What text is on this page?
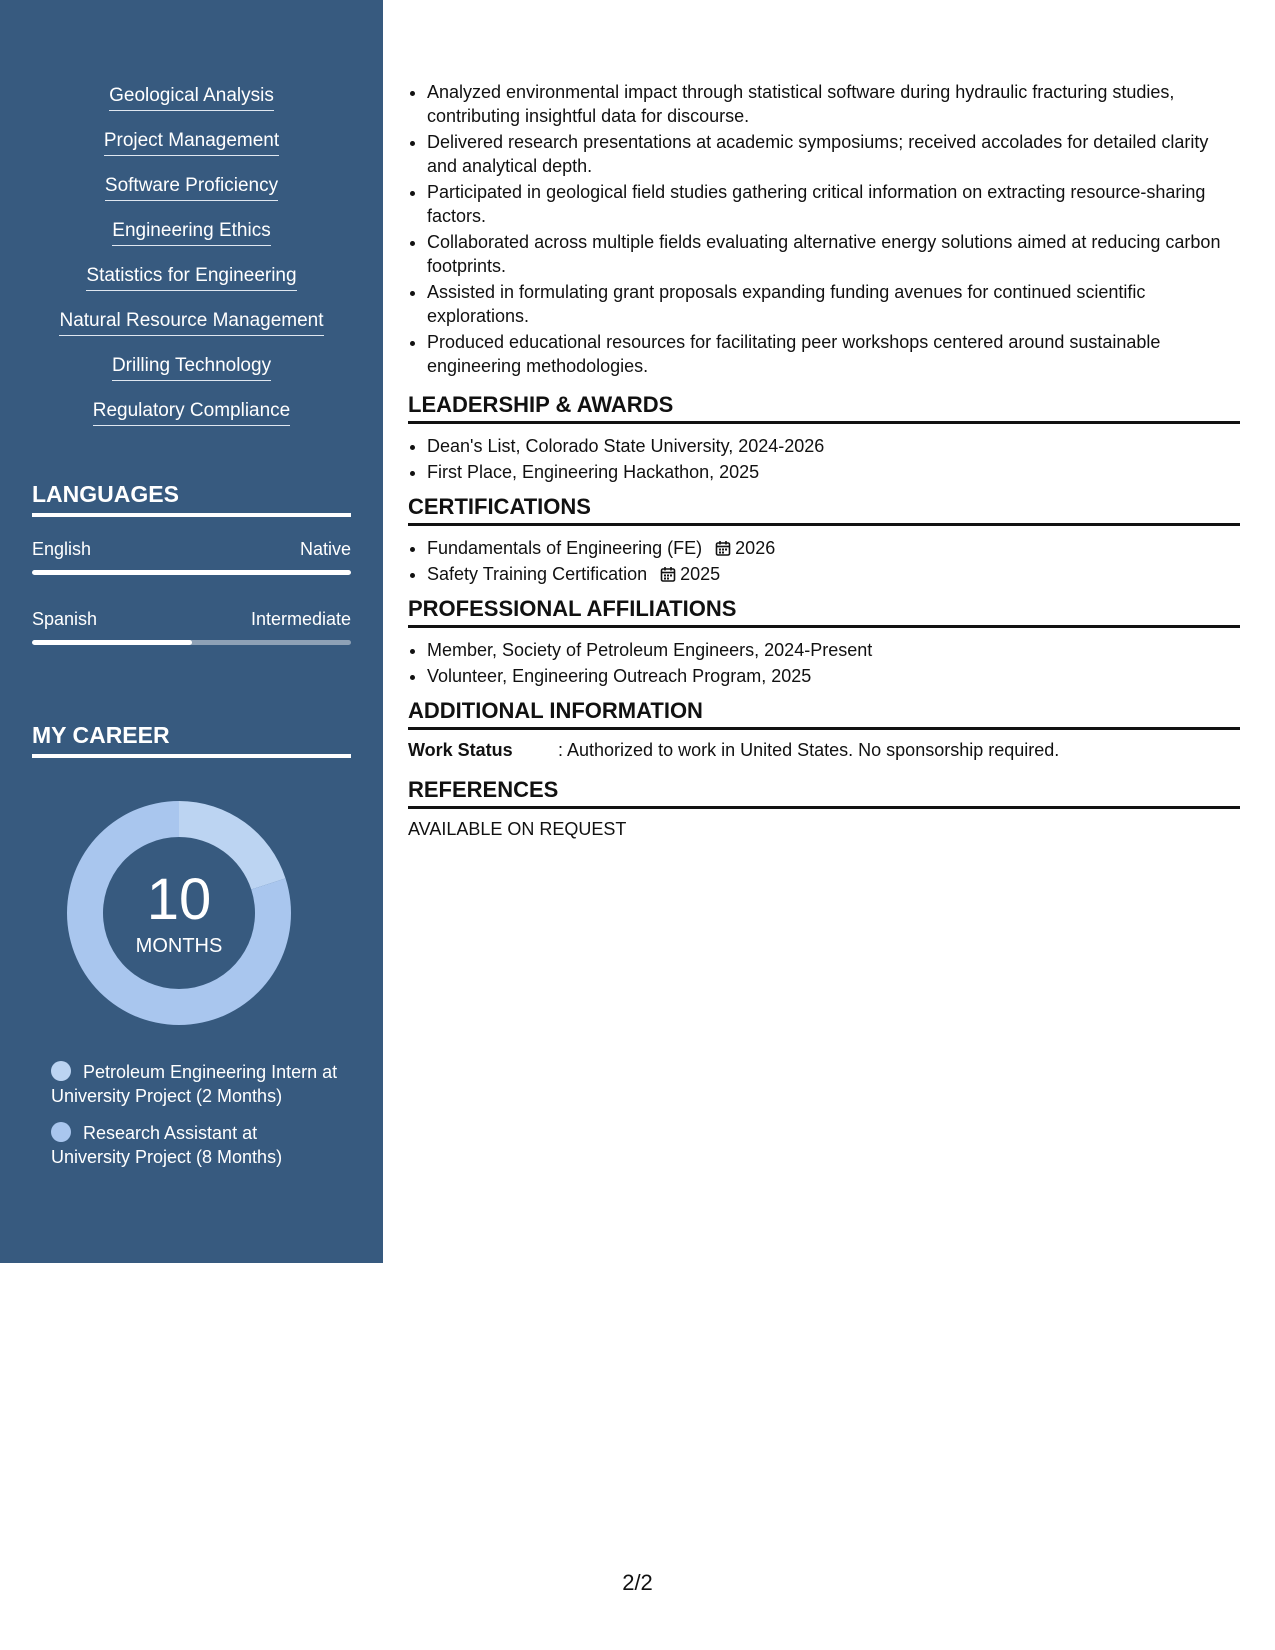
Geological Analysis
Project Management
Software Proficiency
Engineering Ethics
Statistics for Engineering
Natural Resource Management
Drilling Technology
Regulatory Compliance
LANGUAGES
English	Native
Spanish	Intermediate
MY CAREER
10
MONTHS
Petroleum Engineering Intern at University Project (2 Months)
Research Assistant at University Project (8 Months)
• Analyzed environmental impact through statistical software during hydraulic fracturing studies, contributing insightful data for discourse.
• Delivered research presentations at academic symposiums; received accolades for detailed clarity and analytical depth.
• Participated in geological field studies gathering critical information on extracting resource-sharing factors.
• Collaborated across multiple fields evaluating alternative energy solutions aimed at reducing carbon footprints.
• Assisted in formulating grant proposals expanding funding avenues for continued scientific explorations.
• Produced educational resources for facilitating peer workshops centered around sustainable engineering methodologies.
LEADERSHIP & AWARDS
• Dean's List, Colorado State University, 2024-2026
• First Place, Engineering Hackathon, 2025
CERTIFICATIONS
• Fundamentals of Engineering (FE) 2026
• Safety Training Certification 2025
PROFESSIONAL AFFILIATIONS
• Member, Society of Petroleum Engineers, 2024-Present
• Volunteer, Engineering Outreach Program, 2025
ADDITIONAL INFORMATION
Work Status	: Authorized to work in United States. No sponsorship required.
REFERENCES
AVAILABLE ON REQUEST
2/2
